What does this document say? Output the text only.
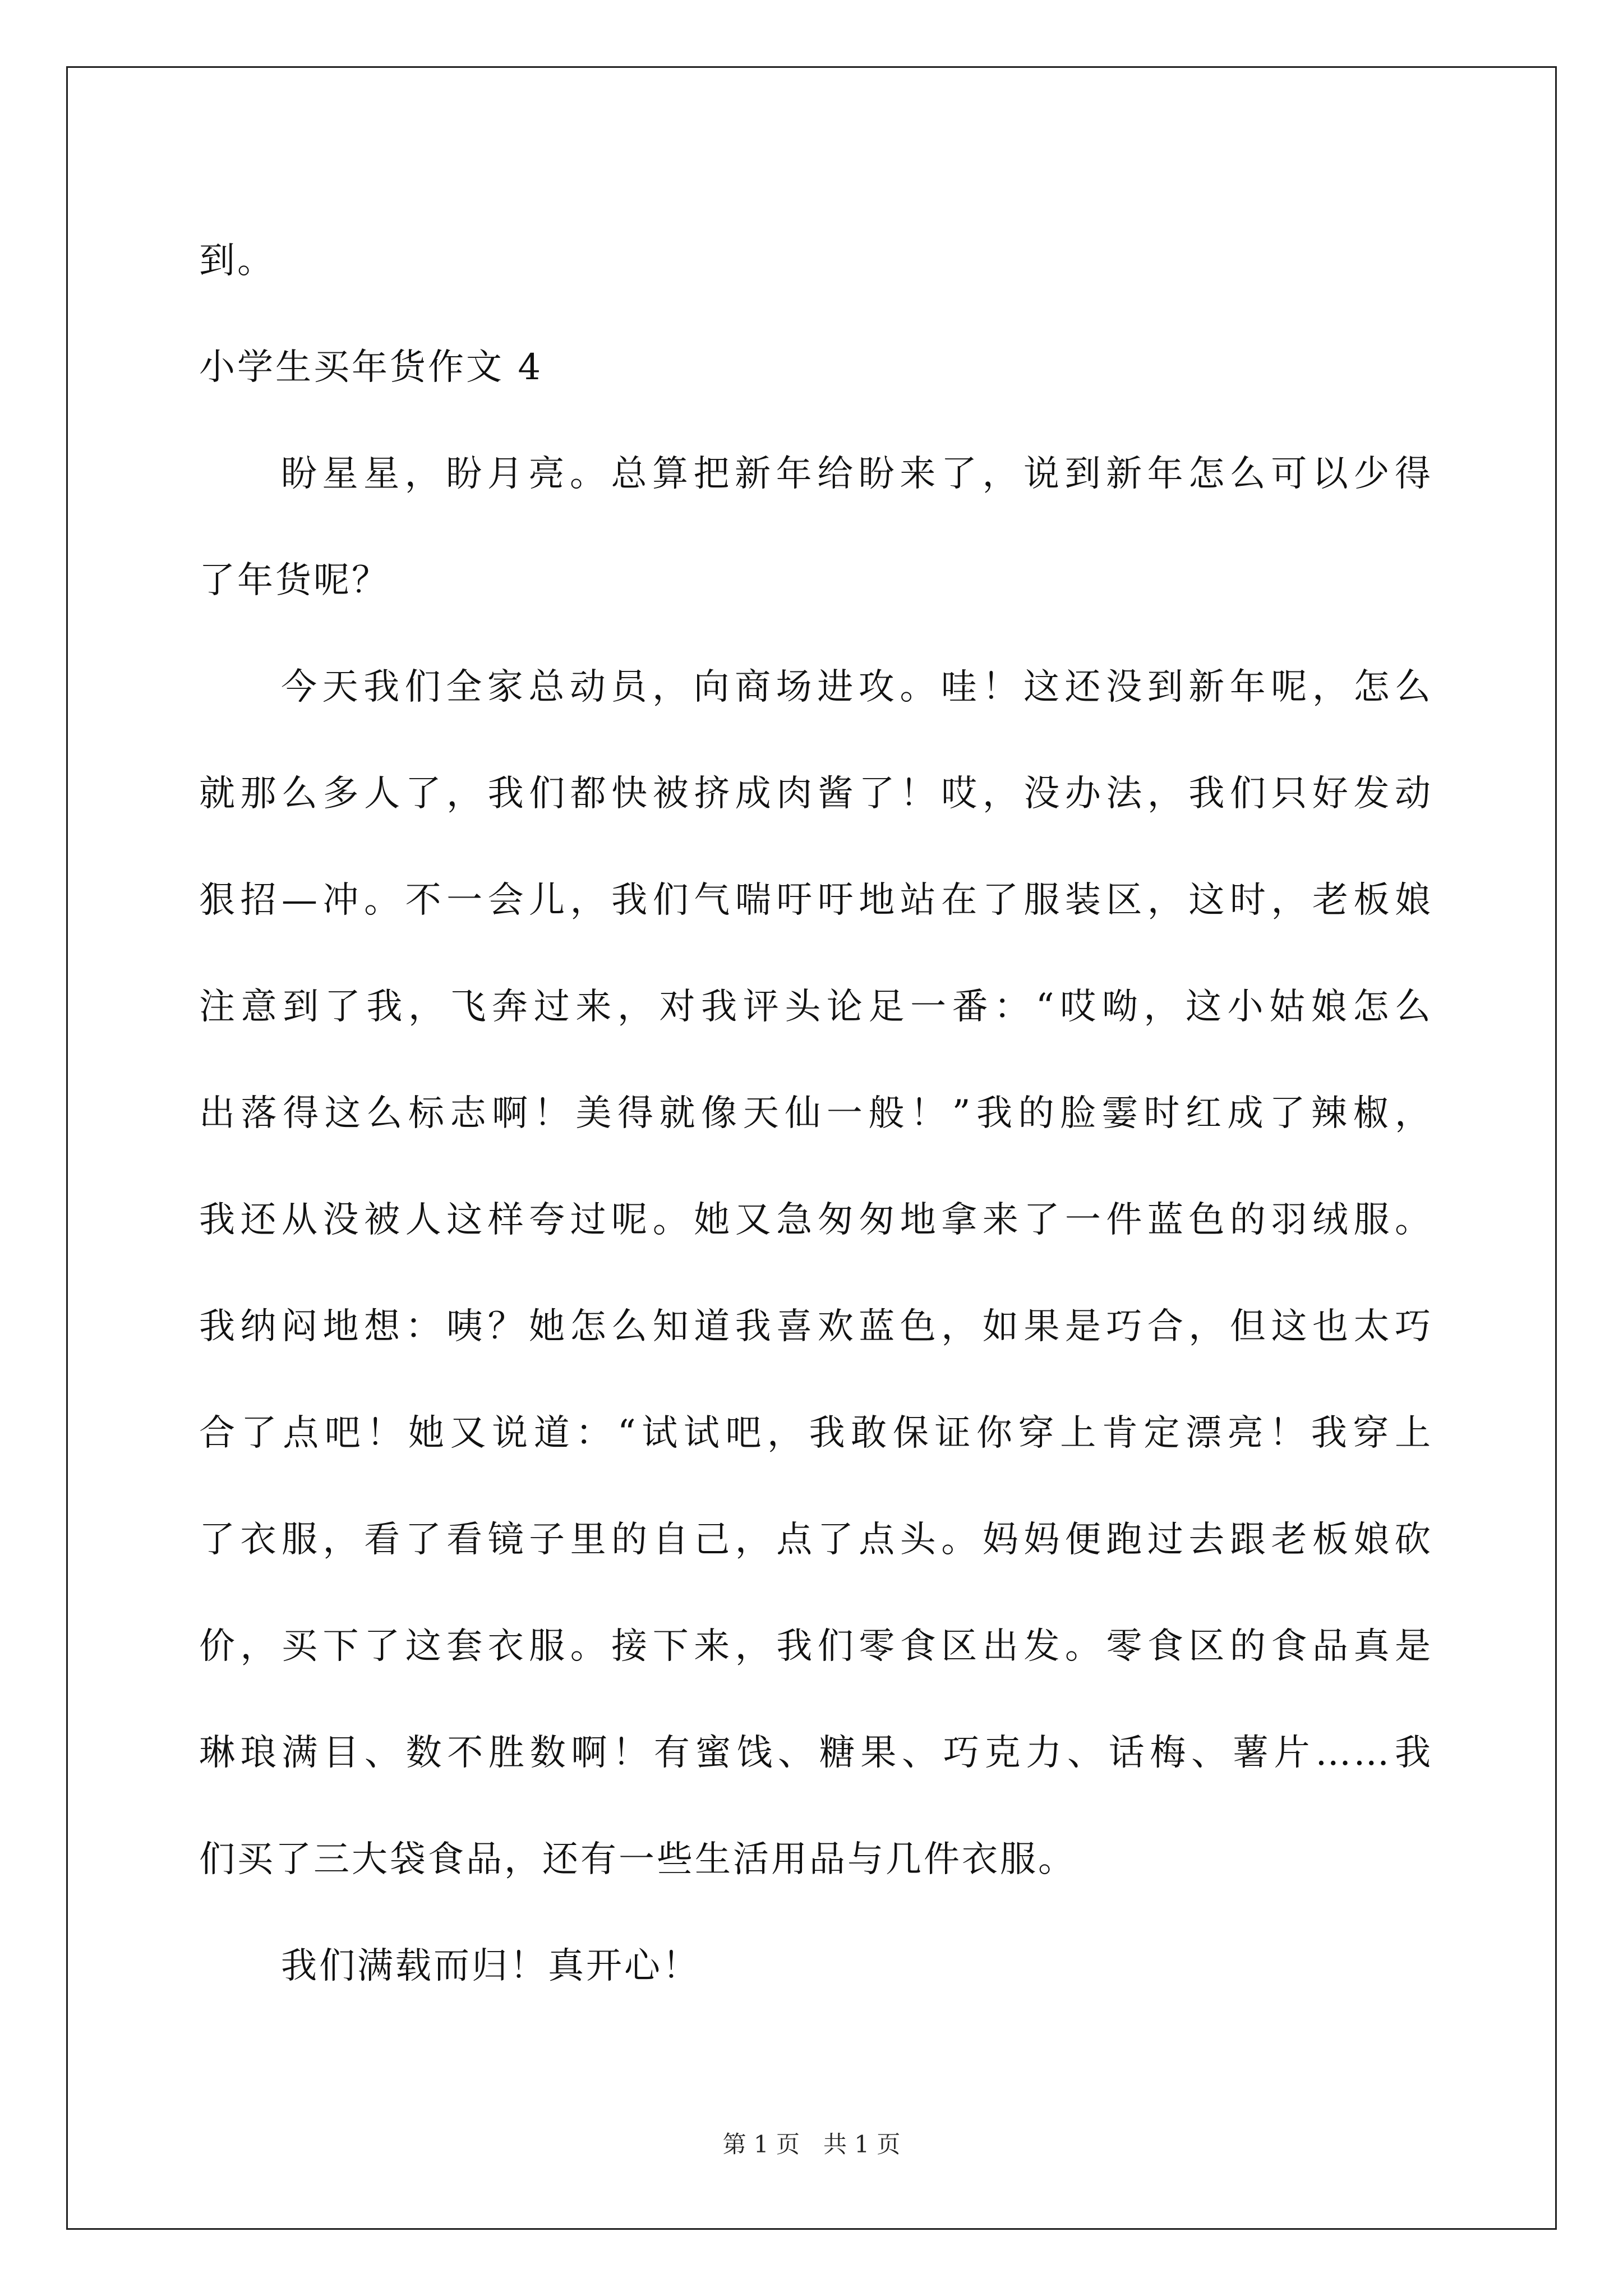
到。
小学生买年货作文 4
盼星星，盼月亮。总算把新年给盼来了，说到新年怎么可以少得
了年货呢？
今天我们全家总动员，向商场进攻。哇！这还没到新年呢，怎么
就那么多人了，我们都快被挤成肉酱了！哎，没办法，我们只好发动
狠招—冲。不一会儿，我们气喘吁吁地站在了服装区，这时，老板娘
注意到了我，飞奔过来，对我评头论足一番：“哎呦，这小姑娘怎么
出落得这么标志啊！美得就像天仙一般！”我的脸霎时红成了辣椒，
我还从没被人这样夸过呢。她又急匆匆地拿来了一件蓝色的羽绒服。
我纳闷地想：咦？她怎么知道我喜欢蓝色，如果是巧合，但这也太巧
合了点吧！她又说道：“试试吧，我敢保证你穿上肯定漂亮！我穿上
了衣服，看了看镜子里的自己，点了点头。妈妈便跑过去跟老板娘砍
价，买下了这套衣服。接下来，我们零食区出发。零食区的食品真是
琳琅满目、数不胜数啊！有蜜饯、糖果、巧克力、话梅、薯片……我
们买了三大袋食品，还有一些生活用品与几件衣服。
我们满载而归！真开心！
第 1 页　共 1 页
